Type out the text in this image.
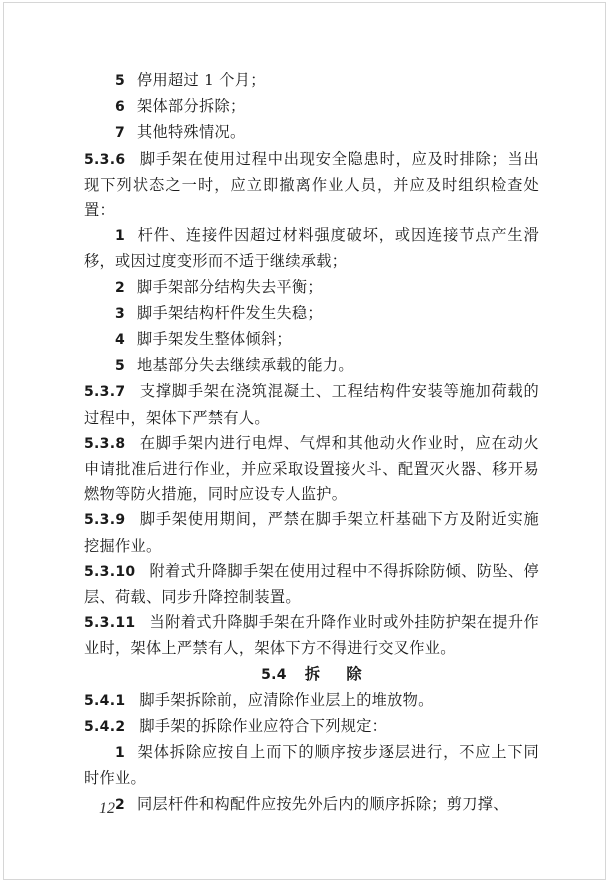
5 停用超过 1 个月；

6 架体部分拆除；

7 其他特殊情况。

5.3.6 脚手架在使用过程中出现安全隐患时，应及时排除；当出现下列状态之一时，应立即撤离作业人员，并应及时组织检查处置：

1 杆件、连接件因超过材料强度破坏，或因连接节点产生滑移，或因过度变形而不适于继续承载；

2 脚手架部分结构失去平衡；

3 脚手架结构杆件发生失稳；

4 脚手架发生整体倾斜；

5 地基部分失去继续承载的能力。

5.3.7 支撑脚手架在浇筑混凝土、工程结构件安装等施加荷载的过程中，架体下严禁有人。

5.3.8 在脚手架内进行电焊、气焊和其他动火作业时，应在动火申请批准后进行作业，并应采取设置接火斗、配置灭火器、移开易燃物等防火措施，同时应设专人监护。

5.3.9 脚手架使用期间，严禁在脚手架立杆基础下方及附近实施挖掘作业。

5.3.10 附着式升降脚手架在使用过程中不得拆除防倾、防坠、停层、荷载、同步升降控制装置。

5.3.11 当附着式升降脚手架在升降作业时或外挂防护架在提升作业时，架体上严禁有人，架体下方不得进行交叉作业。

5.4 拆 除

5.4.1 脚手架拆除前，应清除作业层上的堆放物。

5.4.2 脚手架的拆除作业应符合下列规定：

1 架体拆除应按自上而下的顺序按步逐层进行，不应上下同时作业。

2 同层杆件和构配件应按先外后内的顺序拆除；剪刀撑、

12
